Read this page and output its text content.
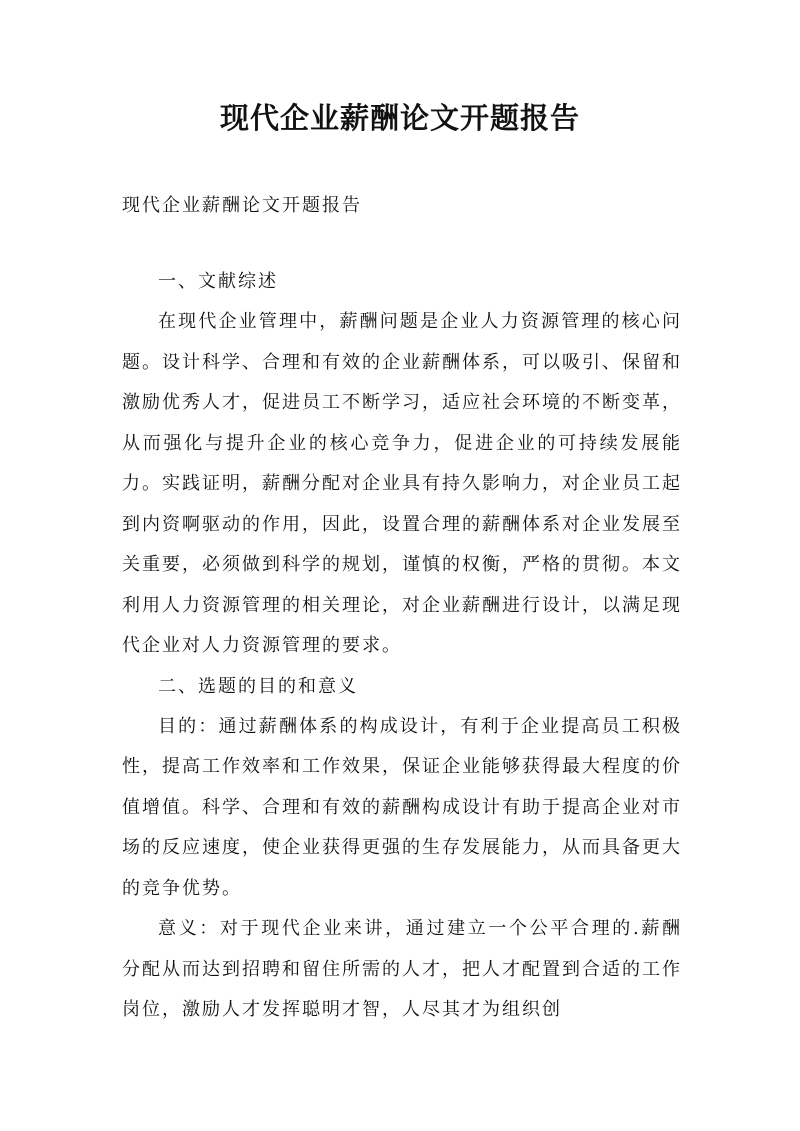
现代企业薪酬论文开题报告

现代企业薪酬论文开题报告

一、文献综述

在现代企业管理中，薪酬问题是企业人力资源管理的核心问题。设计科学、合理和有效的企业薪酬体系，可以吸引、保留和激励优秀人才，促进员工不断学习，适应社会环境的不断变革，从而强化与提升企业的核心竞争力，促进企业的可持续发展能力。实践证明，薪酬分配对企业具有持久影响力，对企业员工起到内资啊驱动的作用，因此，设置合理的薪酬体系对企业发展至关重要，必须做到科学的规划，谨慎的权衡，严格的贯彻。本文利用人力资源管理的相关理论，对企业薪酬进行设计，以满足现代企业对人力资源管理的要求。

二、选题的目的和意义

目的：通过薪酬体系的构成设计，有利于企业提高员工积极性，提高工作效率和工作效果，保证企业能够获得最大程度的价值增值。科学、合理和有效的薪酬构成设计有助于提高企业对市场的反应速度，使企业获得更强的生存发展能力，从而具备更大的竞争优势。

意义：对于现代企业来讲，通过建立一个公平合理的.薪酬分配从而达到招聘和留住所需的人才，把人才配置到合适的工作岗位，激励人才发挥聪明才智，人尽其才为组织创
